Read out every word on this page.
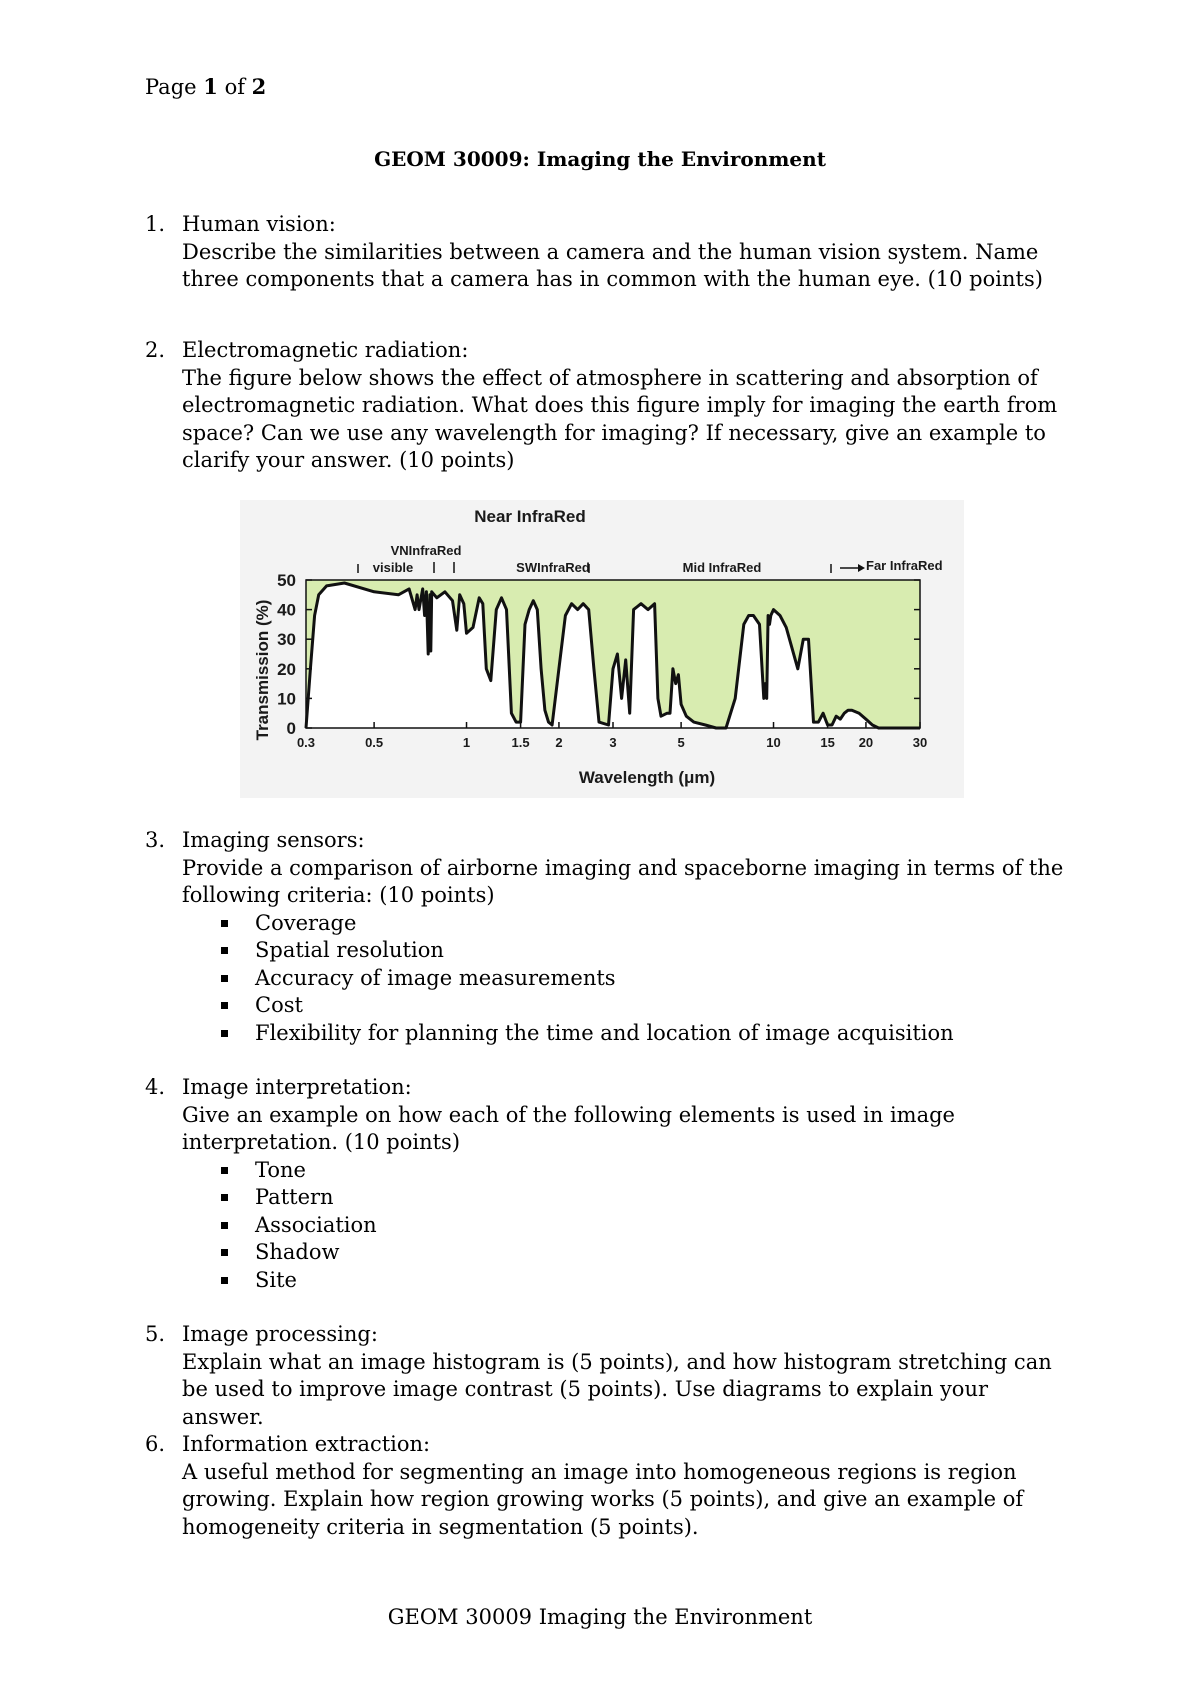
Page 1 of 2
GEOM 30009: Imaging the Environment
1. Human vision:
Describe the similarities between a camera and the human vision system. Name three components that a camera has in common with the human eye. (10 points)
2. Electromagnetic radiation:
The figure below shows the effect of atmosphere in scattering and absorption of electromagnetic radiation. What does this figure imply for imaging the earth from space? Can we use any wavelength for imaging? If necessary, give an example to clarify your answer. (10 points)
0.3	0.5	1	1.5 2	3	5	10	15 20	30
0
10
20
30
40
50
Near InfraRed
VNInfraRed
visible	SWInfraRed	Mid InfraRed	Far InfraRed
Transmission (%)
Wavelength (μm)
3. Imaging sensors:
Provide a comparison of airborne imaging and spaceborne imaging in terms of the following criteria: (10 points)
Coverage
Spatial resolution
Accuracy of image measurements
Cost
Flexibility for planning the time and location of image acquisition
4. Image interpretation:
Give an example on how each of the following elements is used in image interpretation. (10 points)
Tone
Pattern
Association
Shadow
Site
5. Image processing:
Explain what an image histogram is (5 points), and how histogram stretching can be used to improve image contrast (5 points). Use diagrams to explain your answer.
6. Information extraction:
A useful method for segmenting an image into homogeneous regions is region growing. Explain how region growing works (5 points), and give an example of homogeneity criteria in segmentation (5 points).
GEOM 30009 Imaging the Environment
